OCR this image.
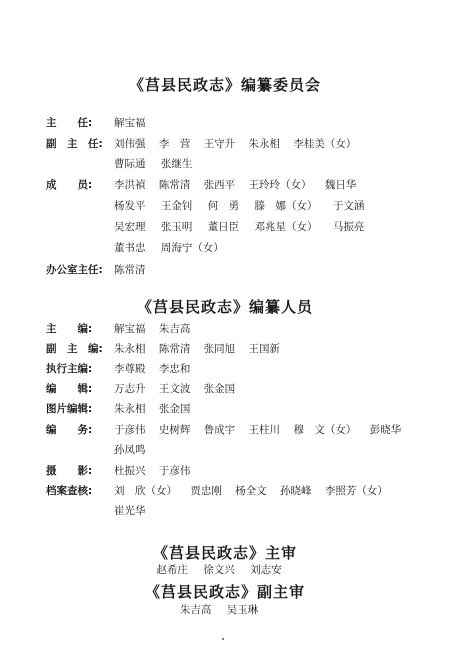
《莒县民政志》编纂委员会
主　　任: 解宝福
副　主　任: 刘伟强 李　营 王守升 朱永相 李桂美（女）
曹际通 张继生
成　　员: 李洪禎 陈常清 张西平 王玲玲（女） 魏日华
杨发平 王金钊 何　勇 滕　娜（女） 于文涵
吴宏理 张玉明 董日臣 邓兆星（女） 马振亮
董书忠 周海宁（女）
办公室主任: 陈常清
《莒县民政志》编纂人员
主　　编: 解宝福 朱吉高
副　主　编: 朱永相 陈常清 张同旭 王国新
执行主编: 李尊殿 李忠和
编　　辑: 万志升 王文波 张金国
图片编辑: 朱永相 张金国
编　　务: 于彦伟 史树辉 鲁成宇 王柱川 穆　文（女） 彭晓华
孙凤鸣
摄　　影: 杜振兴 于彦伟
档案查核: 刘　欣（女） 贾忠刚 杨全文 孙晓峰 李照芳（女）
崔光华
《莒县民政志》主审
赵希庄 徐文兴 刘志安
《莒县民政志》副主审
朱吉高 吴玉琳
